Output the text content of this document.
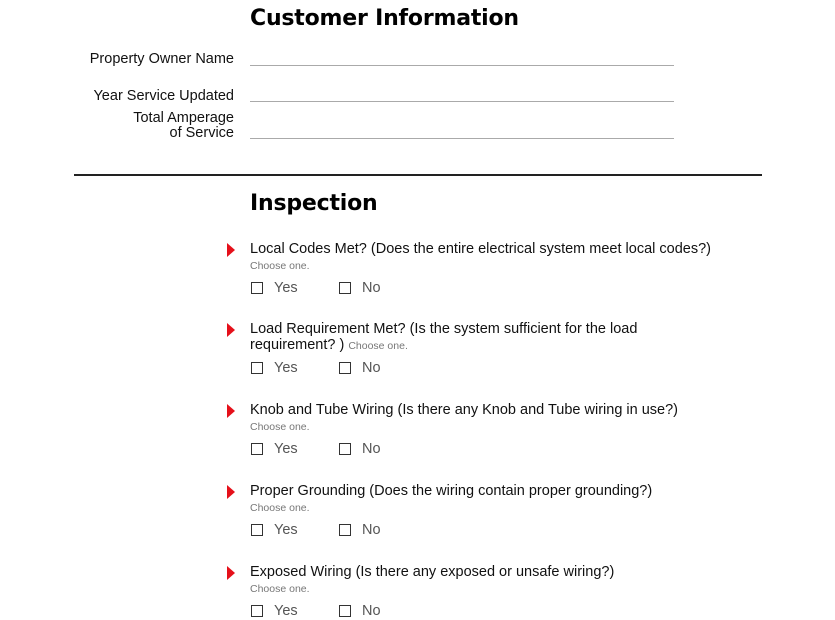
Customer Information
Property Owner Name
Year Service Updated
Total Amperage
of Service
Inspection
Local Codes Met? (Does the entire electrical system meet local codes?)
Choose one.
Yes	No
Load Requirement Met? (Is the system sufficient for the load
requirement? ) Choose one.
Yes	No
Knob and Tube Wiring (Is there any Knob and Tube wiring in use?)
Choose one.
Yes	No
Proper Grounding (Does the wiring contain proper grounding?)
Choose one.
Yes	No
Exposed Wiring (Is there any exposed or unsafe wiring?)
Choose one.
Yes	No
